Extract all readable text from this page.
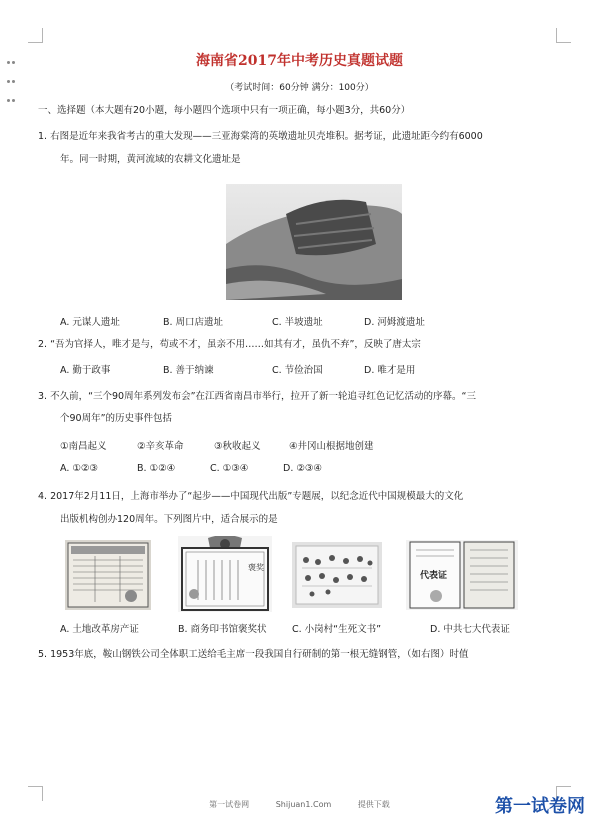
海南省2017年中考历史真题试题
（考试时间：60分钟 满分：100分）
一、选择题（本大题有20小题，每小题四个选项中只有一项正确，每小题3分，共60分）
1. 右图是近年来我省考古的重大发现——三亚海棠湾的英墩遗址贝壳堆积。据考证，此遗址距今约有6000
年。同一时期，黄河流域的农耕文化遗址是
A. 元谋人遗址	B. 周口店遗址	C. 半坡遗址	D. 河姆渡遗址
2. “吾为官择人，唯才是与，苟或不才，虽亲不用……如其有才，虽仇不弃”，反映了唐太宗
A. 勤于政事	B. 善于纳谏	C. 节俭治国	D. 唯才是用
3. 不久前，“三个90周年系列发布会”在江西省南昌市举行，拉开了新一轮追寻红色记忆活动的序幕。“三
个90周年”的历史事件包括
①南昌起义	②辛亥革命	③秋收起义	④井冈山根据地创建
A. ①②③	B. ①②④	C. ①③④	D. ②③④
4. 2017年2月11日，上海市举办了“起步——中国现代出版”专题展，以纪念近代中国规模最大的文化
出版机构创办120周年。下列图片中，适合展示的是
褒奖
代表证
A. 土地改革房产证	B. 商务印书馆褒奖状	C. 小岗村“生死文书”	D. 中共七大代表证
5. 1953年底，鞍山钢铁公司全体职工送给毛主席一段我国自行研制的第一根无缝钢管，（如右图）时值
第一试卷网	Shijuan1.Com	提供下载	第一试卷网
